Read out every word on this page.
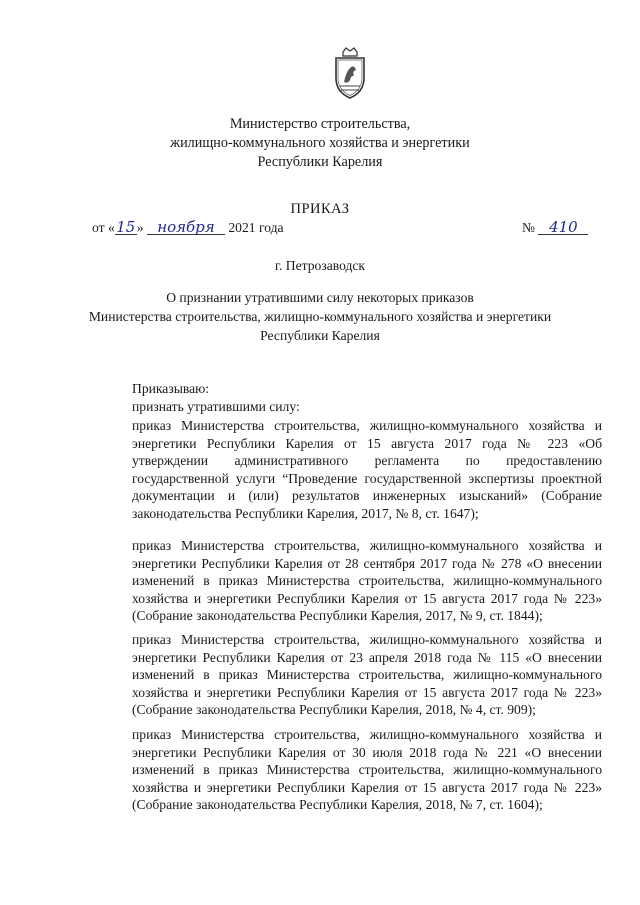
Министерство строительства,
жилищно-коммунального хозяйства и энергетики
Республики Карелия
ПРИКАЗ
от «15» ноября 2021 года	№ 410
г. Петрозаводск
О признании утратившими силу некоторых приказов
Министерства строительства, жилищно-коммунального хозяйства и энергетики
Республики Карелия
Приказываю:
признать утратившими силу:
приказ Министерства строительства, жилищно-коммунального хозяйства и энергетики Республики Карелия от 15 августа 2017 года № 223 «Об утверждении административного регламента по предоставлению государственной услуги “Проведение государственной экспертизы проектной документации и (или) результатов инженерных изысканий» (Собрание законодательства Республики Карелия, 2017, № 8, ст. 1647);
приказ Министерства строительства, жилищно-коммунального хозяйства и энергетики Республики Карелия от 28 сентября 2017 года № 278 «О внесении изменений в приказ Министерства строительства, жилищно-коммунального хозяйства и энергетики Республики Карелия от 15 августа 2017 года № 223» (Собрание законодательства Республики Карелия, 2017, № 9, ст. 1844);
приказ Министерства строительства, жилищно-коммунального хозяйства и энергетики Республики Карелия от 23 апреля 2018 года № 115 «О внесении изменений в приказ Министерства строительства, жилищно-коммунального хозяйства и энергетики Республики Карелия от 15 августа 2017 года № 223» (Собрание законодательства Республики Карелия, 2018, № 4, ст. 909);
приказ Министерства строительства, жилищно-коммунального хозяйства и энергетики Республики Карелия от 30 июля 2018 года № 221 «О внесении изменений в приказ Министерства строительства, жилищно-коммунального хозяйства и энергетики Республики Карелия от 15 августа 2017 года № 223» (Собрание законодательства Республики Карелия, 2018, № 7, ст. 1604);
